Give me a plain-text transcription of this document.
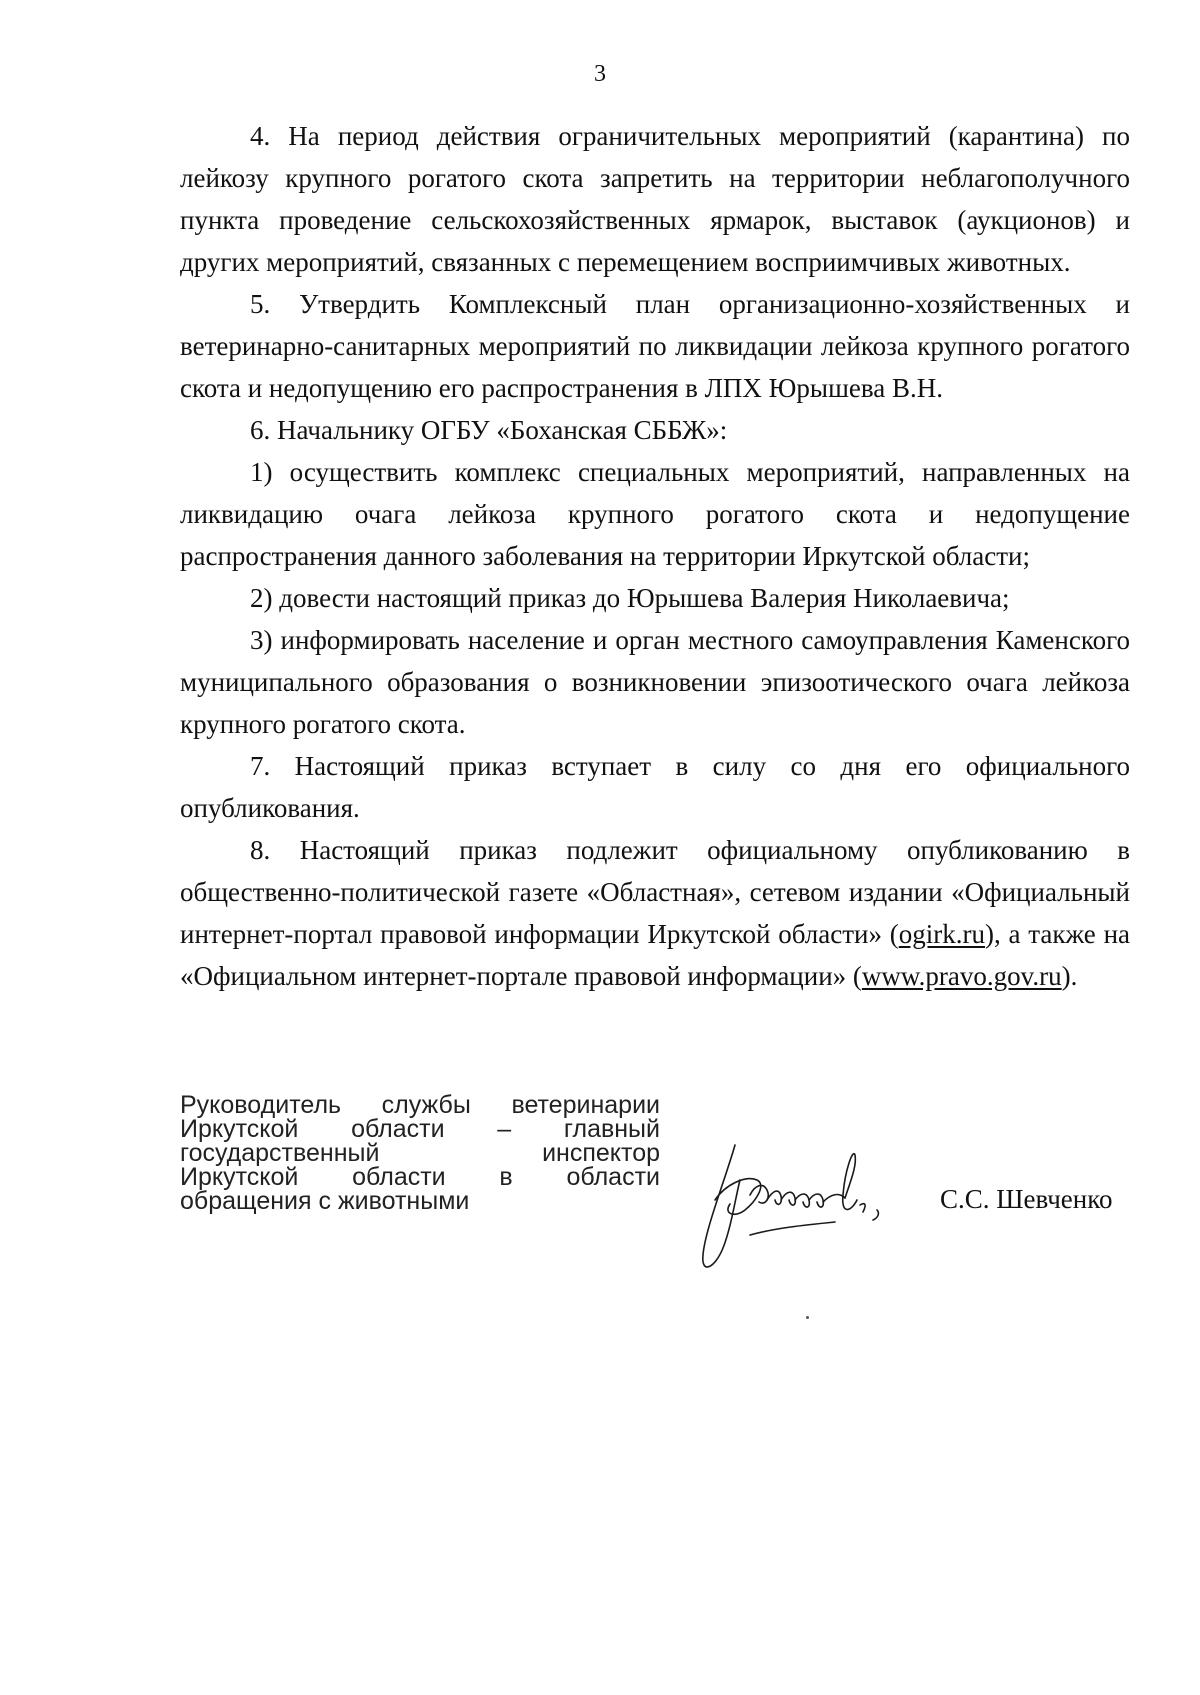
3

4. На период действия ограничительных мероприятий (карантина) по лейкозу крупного рогатого скота запретить на территории неблагополучного пункта проведение сельскохозяйственных ярмарок, выставок (аукционов) и других мероприятий, связанных с перемещением восприимчивых животных.

5. Утвердить Комплексный план организационно-хозяйственных и ветеринарно-санитарных мероприятий по ликвидации лейкоза крупного рогатого скота и недопущению его распространения в ЛПХ Юрышева В.Н.

6. Начальнику ОГБУ «Боханская СББЖ»:

1) осуществить комплекс специальных мероприятий, направленных на ликвидацию очага лейкоза крупного рогатого скота и недопущение распространения данного заболевания на территории Иркутской области;

2) довести настоящий приказ до Юрышева Валерия Николаевича;

3) информировать население и орган местного самоуправления Каменского муниципального образования о возникновении эпизоотического очага лейкоза крупного рогатого скота.

7. Настоящий приказ вступает в силу со дня его официального опубликования.

8. Настоящий приказ подлежит официальному опубликованию в общественно-политической газете «Областная», сетевом издании «Официальный интернет-портал правовой информации Иркутской области» (ogirk.ru), а также на «Официальном интернет-портале правовой информации» (www.pravo.gov.ru).

Руководитель службы ветеринарии
Иркутской области – главный
государственный инспектор
Иркутской области в области
обращения с животными	С.С. Шевченко
